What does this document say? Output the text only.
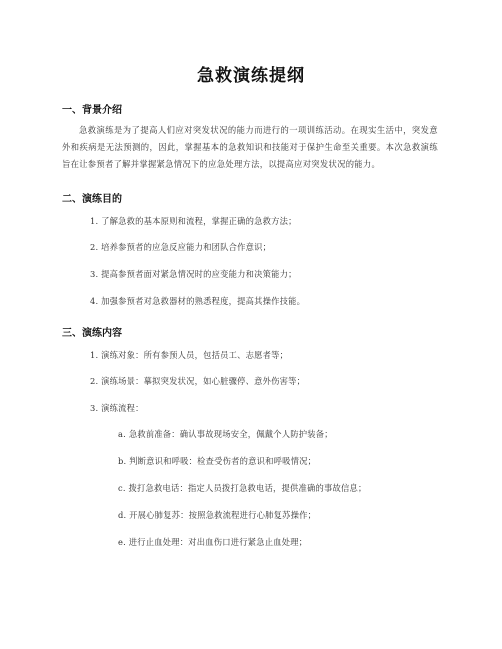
急救演练提纲
一、背景介绍
急救演练是为了提高人们应对突发状况的能力而进行的一项训练活动。在现实生活中，突发意外和疾病是无法预测的，因此，掌握基本的急救知识和技能对于保护生命至关重要。本次急救演练旨在让参预者了解并掌握紧急情况下的应急处理方法，以提高应对突发状况的能力。
二、演练目的
1. 了解急救的基本原则和流程，掌握正确的急救方法；
2. 培养参预者的应急反应能力和团队合作意识；
3. 提高参预者面对紧急情况时的应变能力和决策能力；
4. 加强参预者对急救器材的熟悉程度，提高其操作技能。
三、演练内容
1. 演练对象：所有参预人员，包括员工、志愿者等；
2. 演练场景：摹拟突发状况，如心脏骤停、意外伤害等；
3. 演练流程：
a. 急救前准备：确认事故现场安全，佩戴个人防护装备；
b. 判断意识和呼吸：检查受伤者的意识和呼吸情况；
c. 拨打急救电话：指定人员拨打急救电话，提供准确的事故信息；
d. 开展心肺复苏：按照急救流程进行心肺复苏操作；
e. 进行止血处理：对出血伤口进行紧急止血处理；
